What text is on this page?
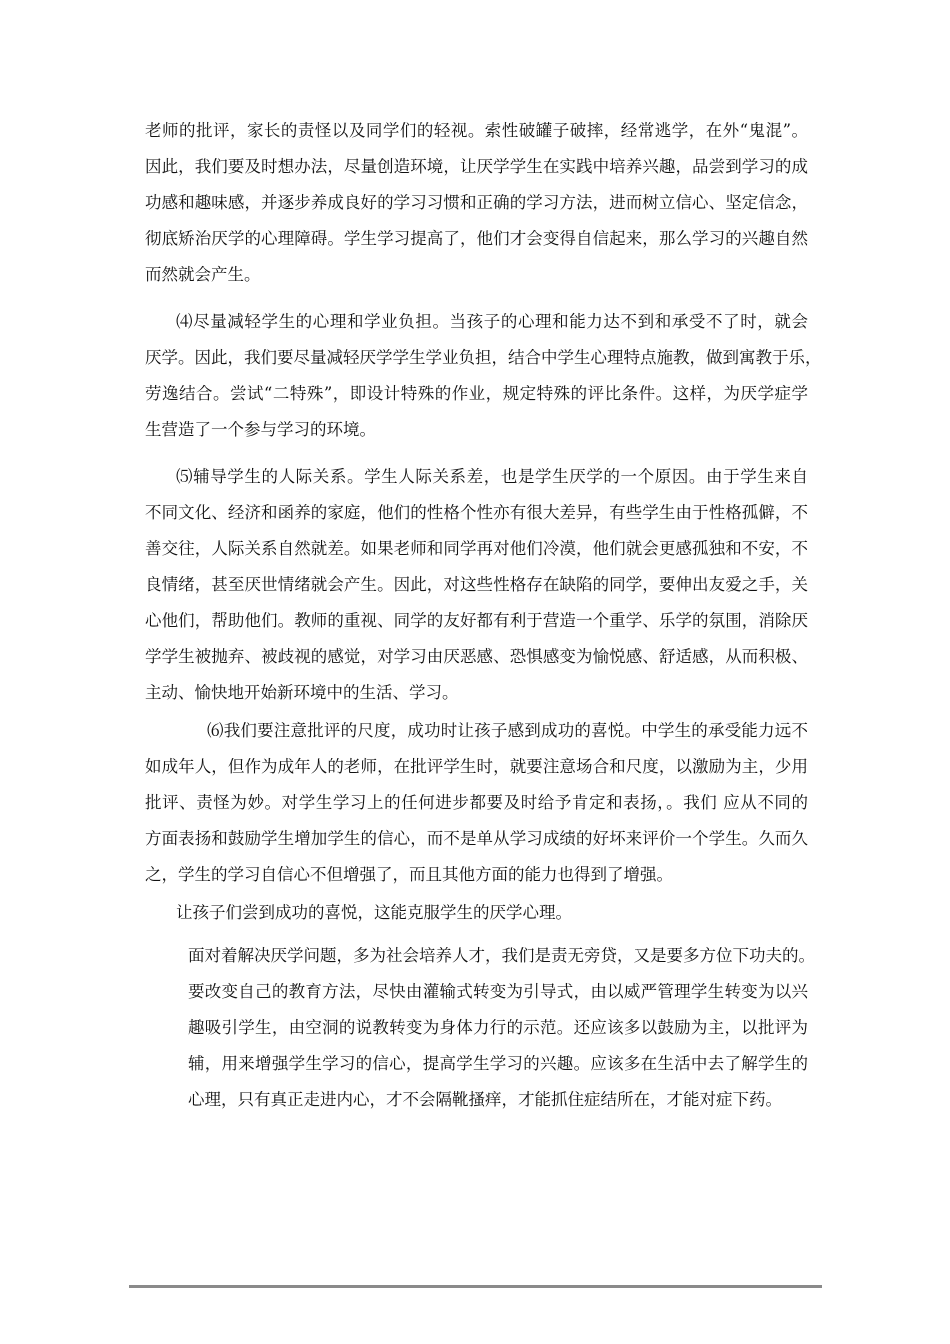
老师的批评，家长的责怪以及同学们的轻视。索性破罐子破摔，经常逃学，在外“鬼混”。
因此，我们要及时想办法，尽量创造环境，让厌学学生在实践中培养兴趣，品尝到学习的成
功感和趣味感，并逐步养成良好的学习习惯和正确的学习方法，进而树立信心、坚定信念，
彻底矫治厌学的心理障碍。学生学习提高了，他们才会变得自信起来，那么学习的兴趣自然
而然就会产生。
⑷尽量减轻学生的心理和学业负担。当孩子的心理和能力达不到和承受不了时，就会
厌学。因此，我们要尽量减轻厌学学生学业负担，结合中学生心理特点施教，做到寓教于乐，
劳逸结合。尝试“二特殊”，即设计特殊的作业，规定特殊的评比条件。这样，为厌学症学
生营造了一个参与学习的环境。
⑸辅导学生的人际关系。学生人际关系差，也是学生厌学的一个原因。由于学生来自
不同文化、经济和函养的家庭，他们的性格个性亦有很大差异，有些学生由于性格孤僻，不
善交往，人际关系自然就差。如果老师和同学再对他们冷漠，他们就会更感孤独和不安，不
良情绪，甚至厌世情绪就会产生。因此，对这些性格存在缺陷的同学，要伸出友爱之手，关
心他们，帮助他们。教师的重视、同学的友好都有利于营造一个重学、乐学的氛围，消除厌
学学生被抛弃、被歧视的感觉，对学习由厌恶感、恐惧感变为愉悦感、舒适感，从而积极、
主动、愉快地开始新环境中的生活、学习。
⑹我们要注意批评的尺度，成功时让孩子感到成功的喜悦。中学生的承受能力远不
如成年人，但作为成年人的老师，在批评学生时，就要注意场合和尺度，以激励为主，少用
批评、责怪为妙。对学生学习上的任何进步都要及时给予肯定和表扬，。我们 应从不同的
方面表扬和鼓励学生增加学生的信心，而不是单从学习成绩的好坏来评价一个学生。久而久
之，学生的学习自信心不但增强了，而且其他方面的能力也得到了增强。
让孩子们尝到成功的喜悦，这能克服学生的厌学心理。
面对着解决厌学问题，多为社会培养人才，我们是责无旁贷，又是要多方位下功夫的。
要改变自己的教育方法，尽快由灌输式转变为引导式，由以威严管理学生转变为以兴
趣吸引学生，由空洞的说教转变为身体力行的示范。还应该多以鼓励为主，以批评为
辅，用来增强学生学习的信心，提高学生学习的兴趣。应该多在生活中去了解学生的
心理，只有真正走进内心，才不会隔靴搔痒，才能抓住症结所在，才能对症下药。
